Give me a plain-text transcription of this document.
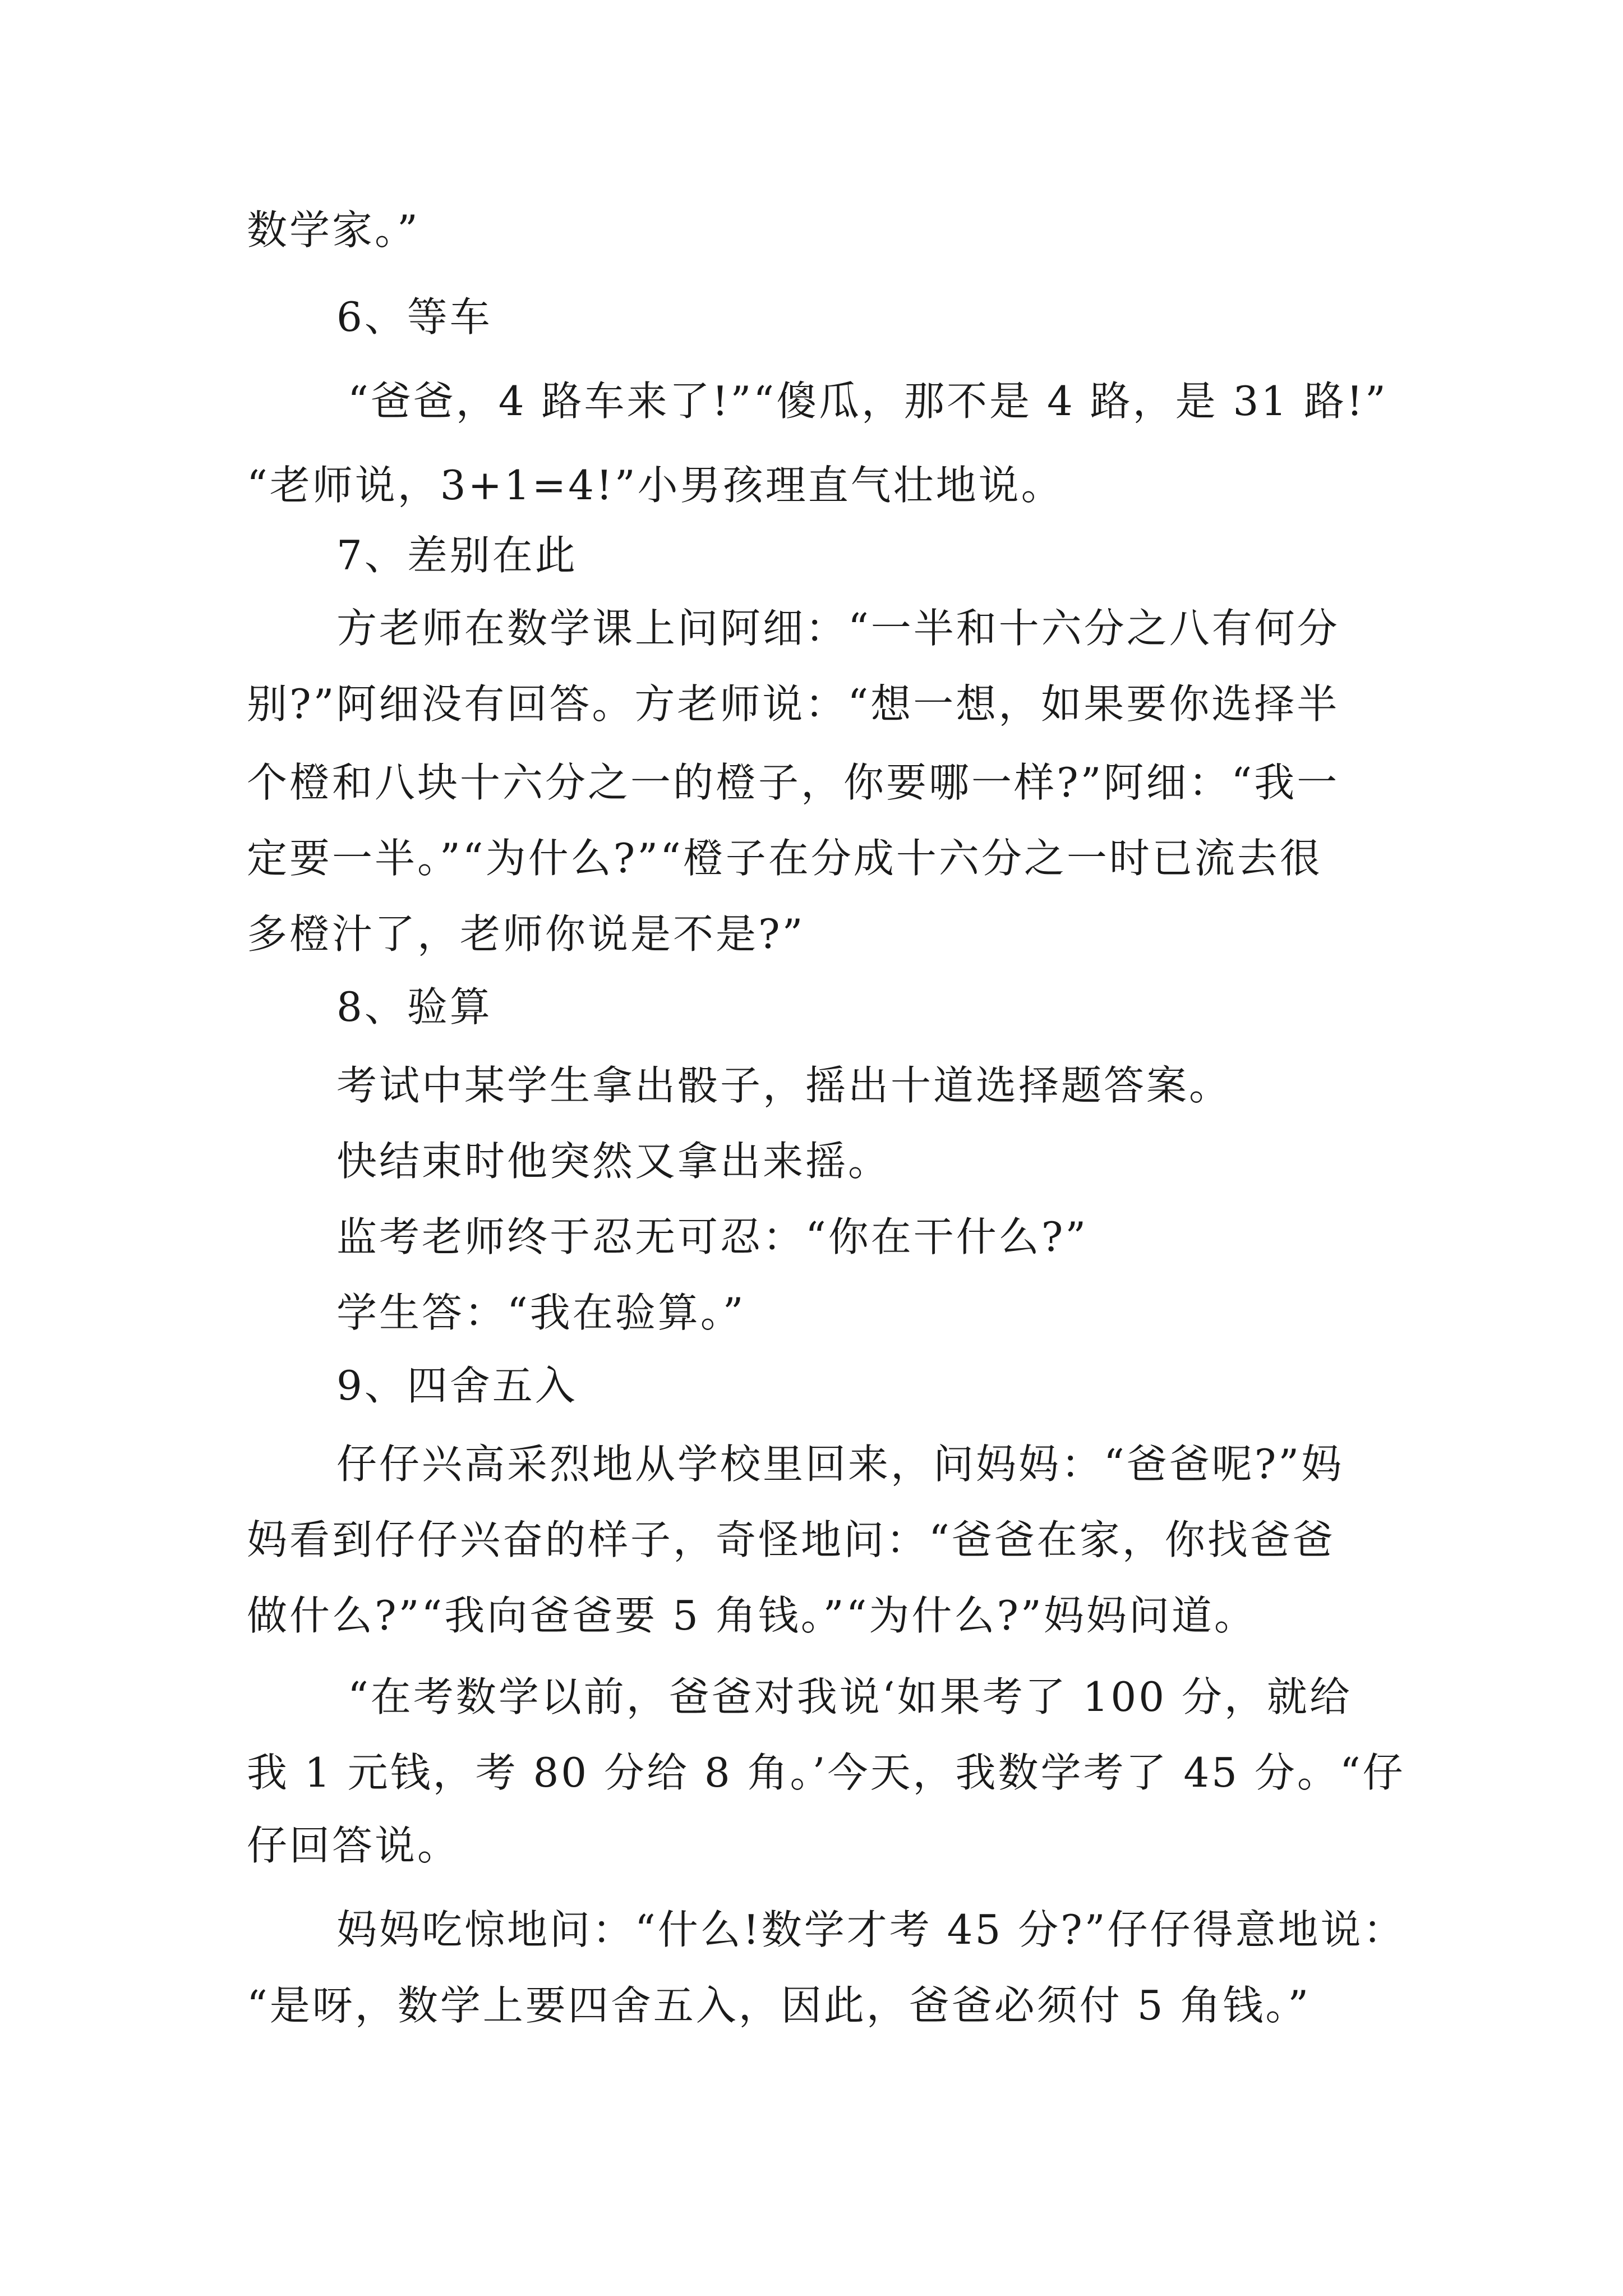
数学家。”
6、等车
“爸爸，4 路车来了!”“傻瓜，那不是 4 路，是 31 路!”
“老师说，3+1=4!”小男孩理直气壮地说。
7、差别在此
方老师在数学课上问阿细：“一半和十六分之八有何分
别?”阿细没有回答。方老师说：“想一想，如果要你选择半
个橙和八块十六分之一的橙子，你要哪一样?”阿细：“我一
定要一半。”“为什么?”“橙子在分成十六分之一时已流去很
多橙汁了，老师你说是不是?”
8、验算
考试中某学生拿出骰子，摇出十道选择题答案。
快结束时他突然又拿出来摇。
监考老师终于忍无可忍：“你在干什么?”
学生答：“我在验算。”
9、四舍五入
仔仔兴高采烈地从学校里回来，问妈妈：“爸爸呢?”妈
妈看到仔仔兴奋的样子，奇怪地问：“爸爸在家，你找爸爸
做什么?”“我向爸爸要 5 角钱。”“为什么?”妈妈问道。
“在考数学以前，爸爸对我说‘如果考了 100 分，就给
我 1 元钱，考 80 分给 8 角。’今天，我数学考了 45 分。“仔
仔回答说。
妈妈吃惊地问：“什么!数学才考 45 分?”仔仔得意地说：
“是呀，数学上要四舍五入，因此，爸爸必须付 5 角钱。”
